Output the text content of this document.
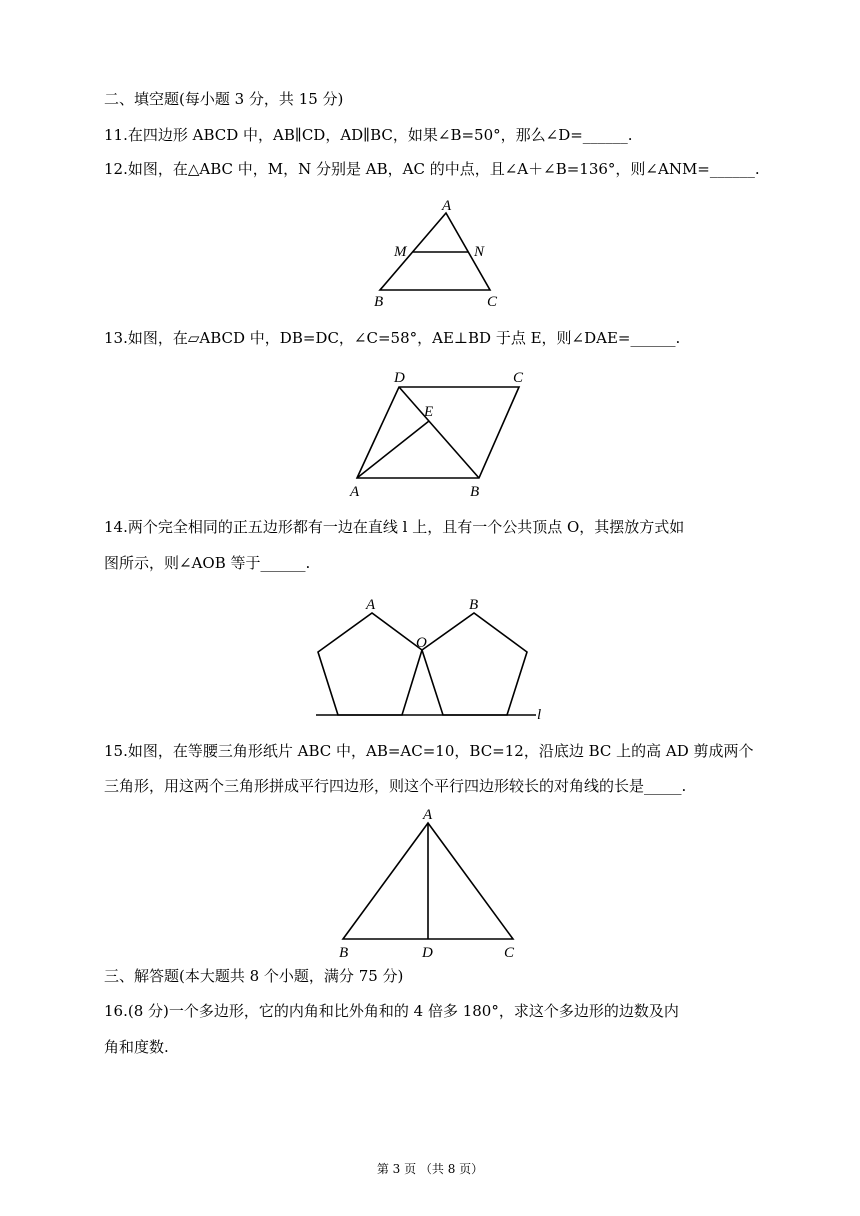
二、填空题(每小题 3 分，共 15 分)
11.在四边形 ABCD 中，AB∥CD，AD∥BC，如果∠B=50°，那么∠D=______.
12.如图，在△ABC 中，M，N 分别是 AB，AC 的中点，且∠A＋∠B=136°，则∠ANM=______.
A
M	N
B	C
13.如图，在▱ABCD 中，DB=DC，∠C=58°，AE⊥BD 于点 E，则∠DAE=______.
D	C
E
A	B
14.两个完全相同的正五边形都有一边在直线 l 上，且有一个公共顶点 O，其摆放方式如
图所示，则∠AOB 等于______.
A
O
B
l
15.如图，在等腰三角形纸片 ABC 中，AB=AC=10，BC=12，沿底边 BC 上的高 AD 剪成两个
三角形，用这两个三角形拼成平行四边形，则这个平行四边形较长的对角线的长是_____.
A
B	D	C
三、解答题(本大题共 8 个小题，满分 75 分)
16.(8 分)一个多边形，它的内角和比外角和的 4 倍多 180°，求这个多边形的边数及内
角和度数.
第 3 页 （共 8 页）
